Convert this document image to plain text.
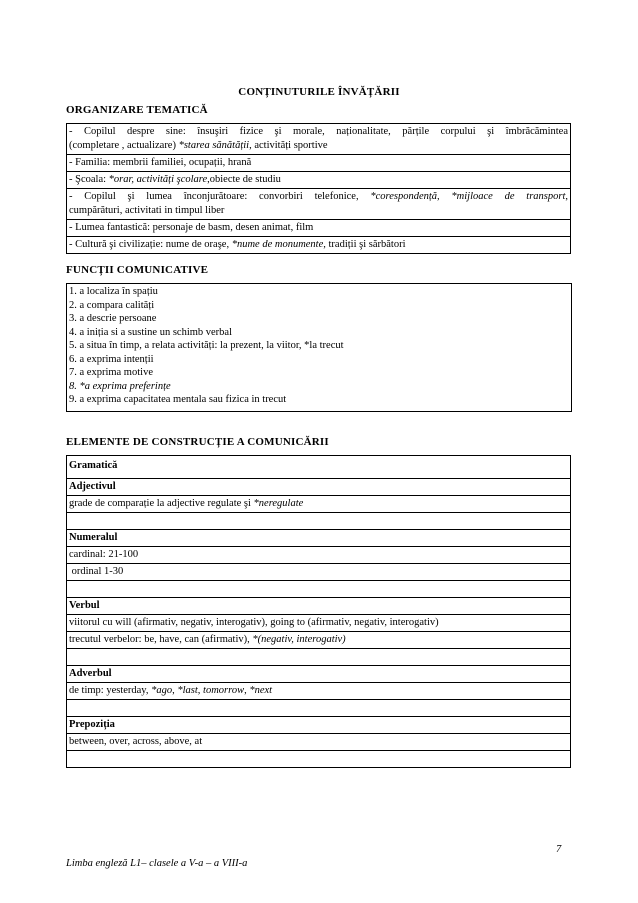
CONȚINUTURILE ÎNVĂȚĂRII
ORGANIZARE TEMATICĂ
- Copilul despre sine: însuşiri fizice şi morale, naționalitate, părțile corpului şi îmbrăcămintea
(completare , actualizare) *starea sănătății, activități sportive

- Familia: membrii familiei, ocupații, hrană
- Şcoala: *orar, activități şcolare,obiecte de studiu

- Copilul şi lumea înconjurătoare: convorbiri telefonice, *corespondență, *mijloace de transport,
cumpărături, activitati in timpul liber

- Lumea fantastică: personaje de basm, desen animat, film
- Cultură şi civilizație: nume de oraşe, *nume de monumente, tradiții şi sărbători
FUNCȚII COMUNICATIVE
1. a localiza în spațiu
2. a compara calități
3. a descrie persoane
4. a iniția si a sustine un schimb verbal
5. a situa în timp, a relata activități: la prezent, la viitor, *la trecut
6. a exprima intenții
7. a exprima motive
8. *a exprima preferințe
9. a exprima capacitatea mentala sau fizica in trecut
ELEMENTE DE CONSTRUCȚIE A COMUNICĂRII
Gramatică
Adjectivul
grade de comparație la adjective regulate şi *neregulate

Numeralul
cardinal: 21-100
ordinal 1-30

Verbul
viitorul cu will (afirmativ, negativ, interogativ), going to (afirmativ, negativ, interogativ)
trecutul verbelor: be, have, can (afirmativ), *(negativ, interogativ)

Adverbul
de timp: yesterday, *ago, *last, tomorrow, *next

Prepoziția
between, over, across, above, at

7
Limba engleză L1– clasele a V-a – a VIII-a
